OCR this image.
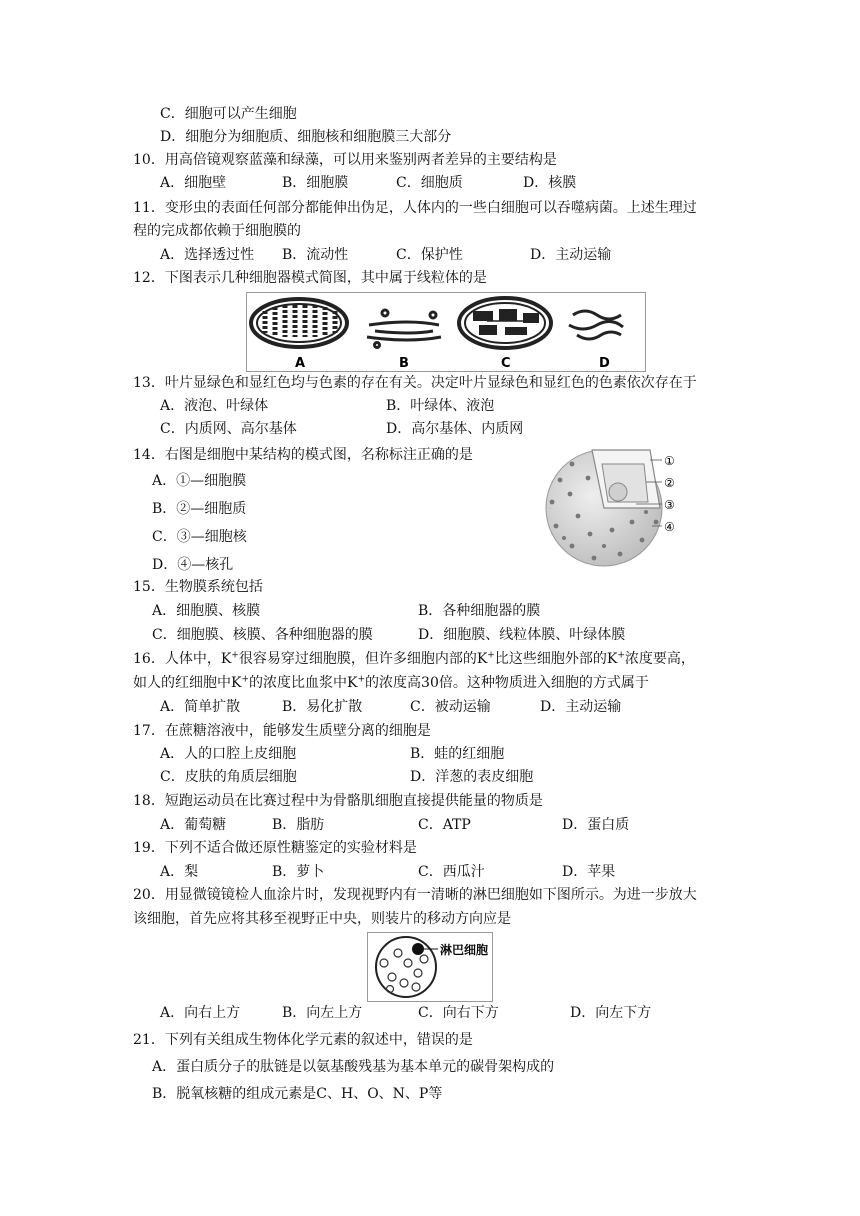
C．细胞可以产生细胞
D．细胞分为细胞质、细胞核和细胞膜三大部分
10．用高倍镜观察蓝藻和绿藻，可以用来鉴别两者差异的主要结构是
A．细胞壁	B．细胞膜	C．细胞质	D．核膜
11．变形虫的表面任何部分都能伸出伪足，人体内的一些白细胞可以吞噬病菌。上述生理过
程的完成都依赖于细胞膜的
A．选择透过性 B．流动性	C．保护性	D．主动运输
12．下图表示几种细胞器模式简图，其中属于线粒体的是
A	B	C	D
13．叶片显绿色和显红色均与色素的存在有关。决定叶片显绿色和显红色的色素依次存在于
A．液泡、叶绿体	B．叶绿体、液泡
C．内质网、高尔基体	D．高尔基体、内质网
14．右图是细胞中某结构的模式图，名称标注正确的是
A．①—细胞膜
B．②—细胞质
C．③—细胞核
D．④—核孔
①
②
③
④
15．生物膜系统包括
A．细胞膜、核膜	B．各种细胞器的膜
C．细胞膜、核膜、各种细胞器的膜	D．细胞膜、线粒体膜、叶绿体膜
16．人体中，K+很容易穿过细胞膜，但许多细胞内部的K+比这些细胞外部的K+浓度要高，
如人的红细胞中K+的浓度比血浆中K+的浓度高30倍。这种物质进入细胞的方式属于
A．简单扩散	B．易化扩散	C．被动运输	D．主动运输
17．在蔗糖溶液中，能够发生质壁分离的细胞是
A．人的口腔上皮细胞	B．蛙的红细胞
C．皮肤的角质层细胞	D．洋葱的表皮细胞
18．短跑运动员在比赛过程中为骨骼肌细胞直接提供能量的物质是
A．葡萄糖	B．脂肪	C．ATP	D．蛋白质
19．下列不适合做还原性糖鉴定的实验材料是
A．梨	B．萝卜	C．西瓜汁	D．苹果
20．用显微镜镜检人血涂片时，发现视野内有一清晰的淋巴细胞如下图所示。为进一步放大
该细胞，首先应将其移至视野正中央，则装片的移动方向应是
淋巴细胞
A．向右上方	B．向左上方	C．向右下方	D．向左下方
21．下列有关组成生物体化学元素的叙述中，错误的是
A．蛋白质分子的肽链是以氨基酸残基为基本单元的碳骨架构成的
B．脱氧核糖的组成元素是C、H、O、N、P等
